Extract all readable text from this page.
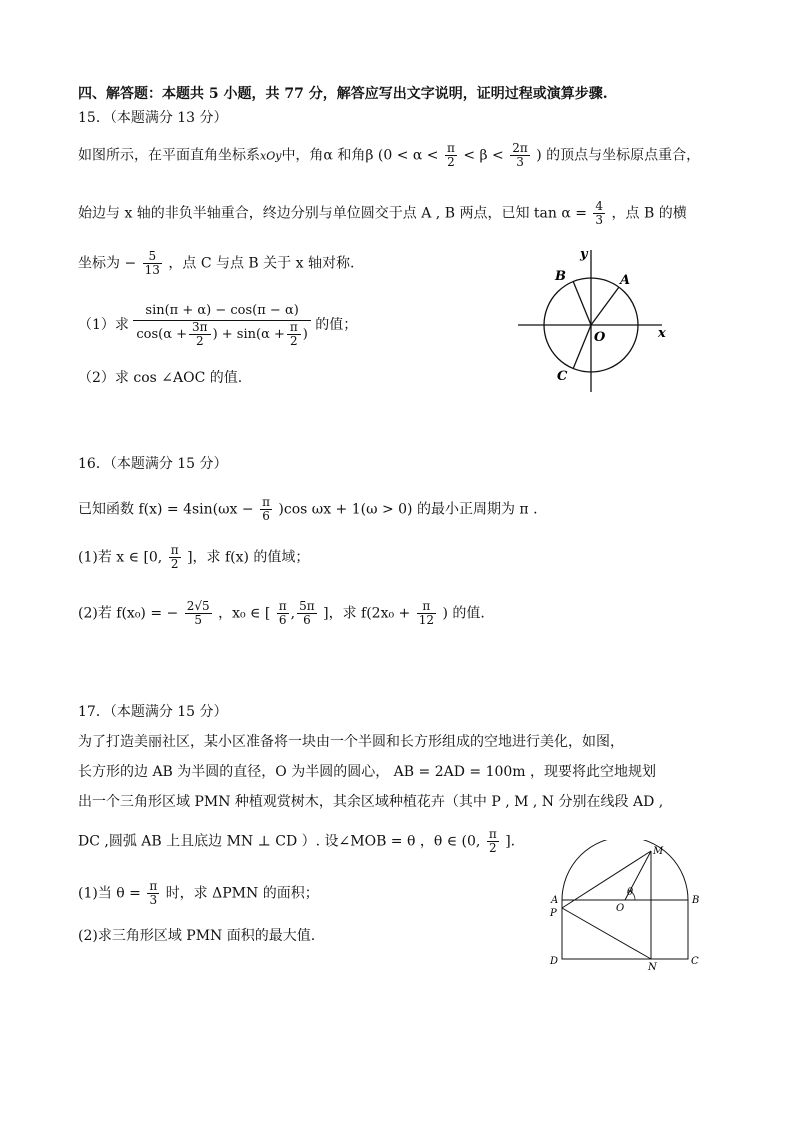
四、解答题：本题共 5 小题，共 77 分，解答应写出文字说明，证明过程或演算步骤.
15．（本题满分 13 分）
如图所示，在平面直角坐标系xOy中，角α 和角β ($0 < \alpha < \frac{\pi}{2} < \beta < \frac{2\pi}{3}$ ) 的顶点与坐标原点重合，
始边与 x 轴的非负半轴重合，终边分别与单位圆交于点 A , B 两点，已知 $\tan \alpha = \frac{4}{3}$ ，点 B 的横
坐标为 − $\frac{5}{13}$ ，点 C 与点 B 关于 x 轴对称.
（1）求 $\frac{\sin(\pi + \alpha) - \cos(\pi - \alpha)}{\cos(\alpha + \frac{3\pi}{2} ) + \sin(\alpha + \frac{\pi}{2} )}$ 的值；
（2）求 cos ∠AOC 的值.
y
x
A
B
C
O
16．（本题满分 15 分）
已知函数 $f(x) = 4\sin(\omega x - \frac{\pi}{6} )\cos$ ωx + 1(ω > 0) 的最小正周期为 π .
(1)若 x ∈ [0, $\frac{\pi}{2}$ ]，求 f(x) 的值域；
(2)若 f(x₀) = − $\frac{2√5}{5}$ ，x₀ ∈ [ $\frac{\pi}{6}$ , $\frac{5\pi}{6}$ ]，求 $f(2x_0 + \frac{\pi}{12}$ ) 的值.
17．（本题满分 15 分）
为了打造美丽社区，某小区准备将一块由一个半圆和长方形组成的空地进行美化，如图，
长方形的边 AB 为半圆的直径，O 为半圆的圆心， AB = 2AD = 100m ，现要将此空地规划
出一个三角形区域 PMN 种植观赏树木，其余区域种植花卉（其中 P , M , N 分别在线段 AD ,
DC ,圆弧 AB 上且底边 MN ⊥ CD ）. 设∠MOB = θ ，θ ∈ (0, $\frac{\pi}{2}$ ].
(1)当 $\theta = \frac{\pi}{3}$ 时，求 ΔPMN 的面积；
(2)求三角形区域 PMN 面积的最大值.
M
A	B
P	O
θ
D
N
C
